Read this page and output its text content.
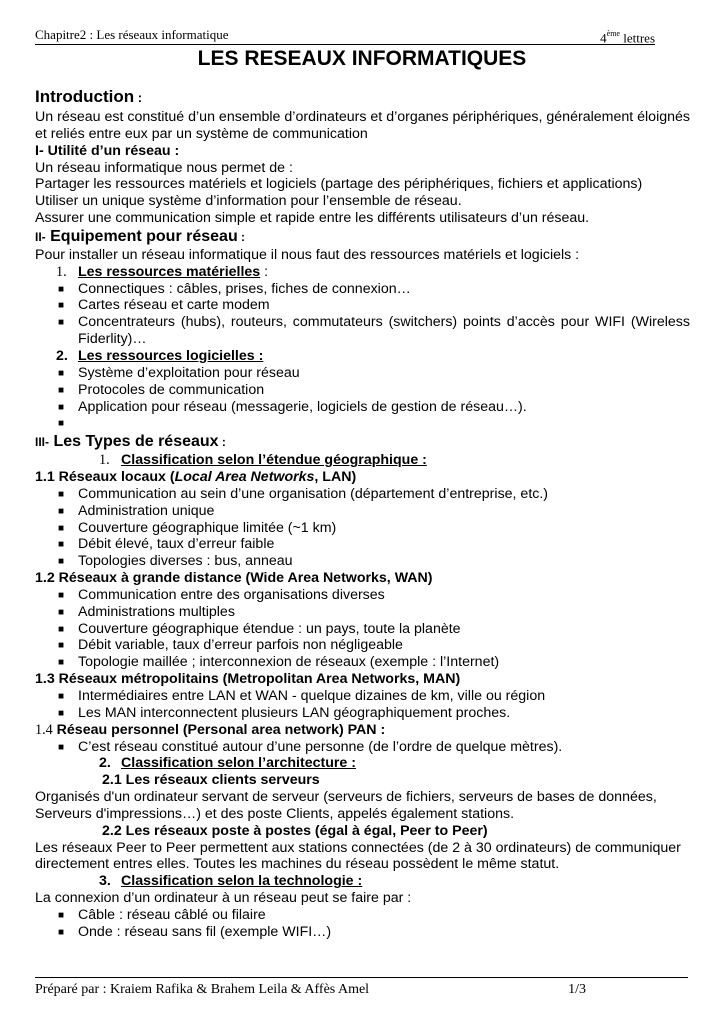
Chapitre2 : Les réseaux informatique	4ème lettres
LES RESEAUX INFORMATIQUES

Introduction :

Un réseau est constitué d’un ensemble d’ordinateurs et d’organes périphériques, généralement éloignés et reliés entre eux par un système de communication

I- Utilité d’un réseau :

Un réseau informatique nous permet de :

Partager les ressources matériels et logiciels (partage des périphériques, fichiers et applications)

Utiliser un unique système d’information pour l’ensemble de réseau.

Assurer une communication simple et rapide entre les différents utilisateurs d’un réseau.

II- Equipement pour réseau :

Pour installer un réseau informatique il nous faut des ressources matériels et logiciels :

1. Les ressources matérielles :

■ Connectiques : câbles, prises, fiches de connexion…
■ Cartes réseau et carte modem
■ Concentrateurs (hubs), routeurs, commutateurs (switchers) points d’accès pour WIFI (Wireless Fiderlity)…

2. Les ressources logicielles :

■ Système d’exploitation pour réseau
■ Protocoles de communication
■ Application pour réseau (messagerie, logiciels de gestion de réseau…).
■

III- Les Types de réseaux :

1. Classification selon l’étendue géographique :

1.1 Réseaux locaux (Local Area Networks, LAN)

■ Communication au sein d’une organisation (département d’entreprise, etc.)
■ Administration unique
■ Couverture géographique limitée (~1 km)
■ Débit élevé, taux d’erreur faible
■ Topologies diverses : bus, anneau

1.2 Réseaux à grande distance (Wide Area Networks, WAN)

■ Communication entre des organisations diverses
■ Administrations multiples
■ Couverture géographique étendue : un pays, toute la planète
■ Débit variable, taux d’erreur parfois non négligeable
■ Topologie maillée ; interconnexion de réseaux (exemple : l’Internet)

1.3 Réseaux métropolitains (Metropolitan Area Networks, MAN)

■ Intermédiaires entre LAN et WAN - quelque dizaines de km, ville ou région
■ Les MAN interconnectent plusieurs LAN géographiquement proches.

1.4 Réseau personnel (Personal area network) PAN :

■ C’est réseau constitué autour d’une personne (de l’ordre de quelque mètres).

2. Classification selon l’architecture :

2.1 Les réseaux clients serveurs

Organisés d'un ordinateur servant de serveur (serveurs de fichiers, serveurs de bases de données, Serveurs d'impressions…) et des poste Clients, appelés également stations.

2.2 Les réseaux poste à postes (égal à égal, Peer to Peer)

Les réseaux Peer to Peer permettent aux stations connectées (de 2 à 30 ordinateurs) de communiquer directement entres elles. Toutes les machines du réseau possèdent le même statut.

3. Classification selon la technologie :

La connexion d’un ordinateur à un réseau peut se faire par :

■ Câble : réseau câblé ou filaire
■ Onde : réseau sans fil (exemple WIFI…)
Préparé par : Kraiem Rafika & Brahem Leila & Affès Amel	1/3
